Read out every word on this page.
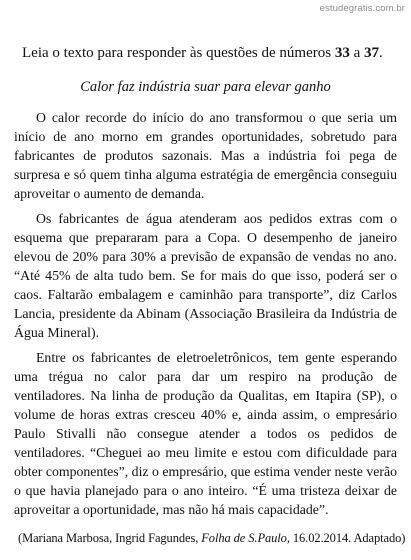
estudegratis.com.br
Leia o texto para responder às questões de números 33 a 37.
Calor faz indústria suar para elevar ganho

O calor recorde do início do ano transformou o que seria um início de ano morno em grandes oportunidades, sobretudo para fabricantes de produtos sazonais. Mas a indústria foi pega de surpresa e só quem tinha alguma estratégia de emergência conseguiu aproveitar o aumento de demanda.

Os fabricantes de água atenderam aos pedidos extras com o esquema que prepararam para a Copa. O desempenho de janeiro elevou de 20% para 30% a previsão de expansão de vendas no ano. “Até 45% de alta tudo bem. Se for mais do que isso, poderá ser o caos. Faltarão embalagem e caminhão para transporte”, diz Carlos Lancia, presidente da Abinam (Associação Brasileira da Indústria de Água Mineral).

Entre os fabricantes de eletroeletrônicos, tem gente esperando uma trégua no calor para dar um respiro na produção de ventiladores. Na linha de produção da Qualitas, em Itapira (SP), o volume de horas extras cresceu 40% e, ainda assim, o empresário Paulo Stivalli não consegue atender a todos os pedidos de ventiladores. “Cheguei ao meu limite e estou com dificuldade para obter componentes”, diz o empresário, que estima vender neste verão o que havia planejado para o ano inteiro. “É uma tristeza deixar de aproveitar a oportunidade, mas não há mais capacidade”.

(Mariana Marbosa, Ingrid Fagundes, Folha de S.Paulo, 16.02.2014. Adaptado)
